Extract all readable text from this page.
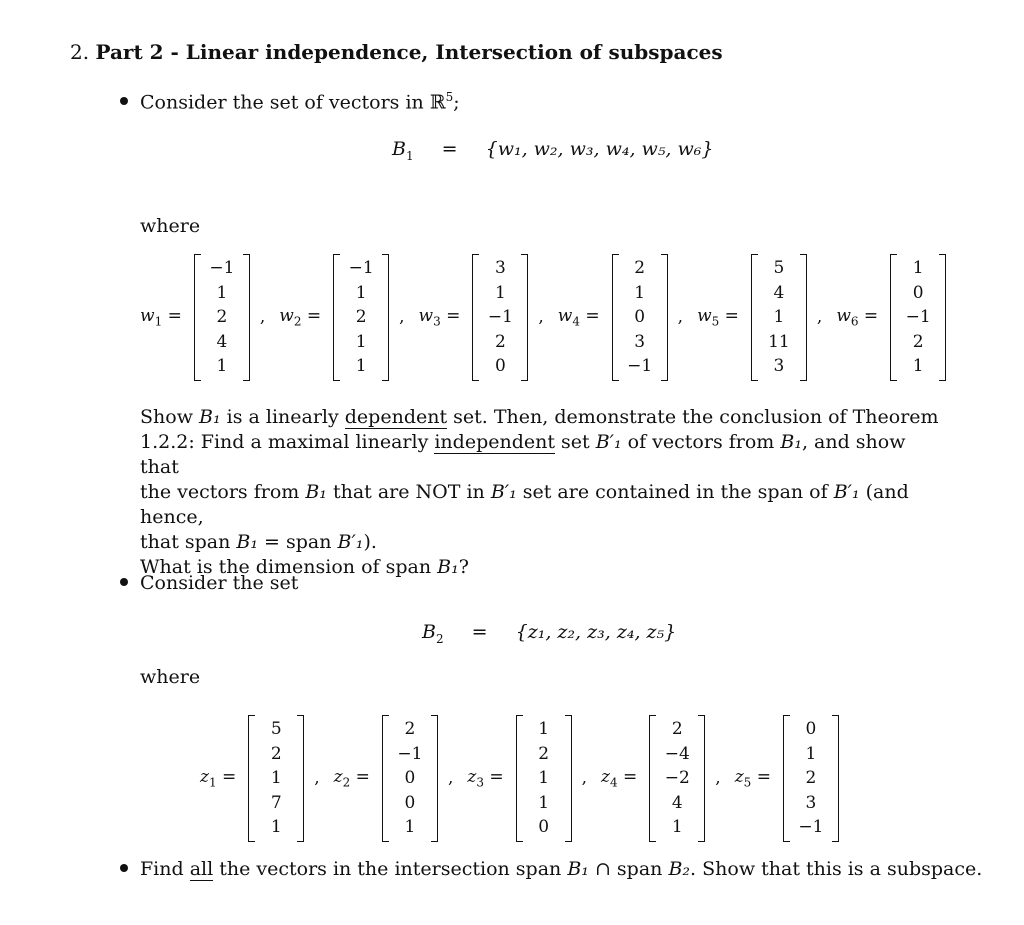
2. Part 2 - Linear independence, Intersection of subspaces
Consider the set of vectors in ℝ$^5$;
$B_1 = \{w_1$, w₂, w₃, w₄, w₅, w₆}
where
$w_1$ =
−1
1
2
4
1
, $w_2$ =
−1
1
2
1
1
, $w_3$ =
3
1
−1
2
0
, $w_4$ =
2
1
0
3
−1
, $w_5$ =
5
4
1
11
3
, $w_6$ =
1
0
−1
2
1
Show B₁ is a linearly dependent set. Then, demonstrate the conclusion of Theorem
1.2.2: Find a maximal linearly independent set B′₁ of vectors from B₁, and show that
the vectors from B₁ that are NOT in B′₁ set are contained in the span of B′₁ (and hence,
that span B₁ = span B′₁).
What is the dimension of span B₁?
Consider the set
$B_2 = \{z_1$, z₂, z₃, z₄, z₅}
where
$z_1$ =
5
2
1
7
1
, $z_2$ =
2
−1
0
0
1
, $z_3$ =
1
2
1
1
0
, $z_4$ =
2
−4
−2
4
1
, $z_5$ =
0
1
2
3
−1
Find all the vectors in the intersection span B₁ ∩ span B₂. Show that this is a subspace.
